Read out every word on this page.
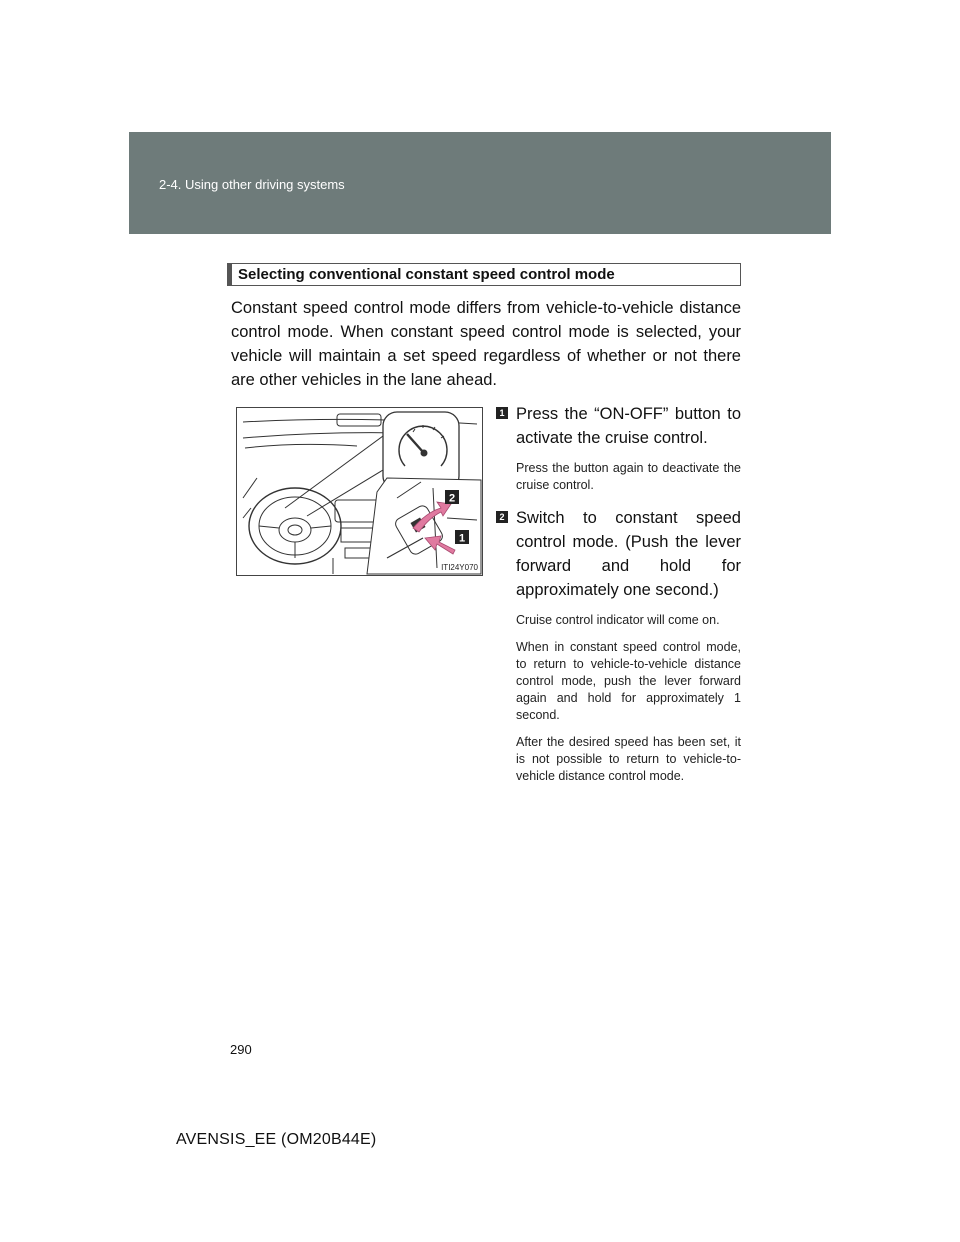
2-4. Using other driving systems
Selecting conventional constant speed control mode

Constant speed control mode differs from vehicle-to-vehicle distance control mode. When constant speed control mode is selected, your vehicle will maintain a set speed regardless of whether or not there are other vehicles in the lane ahead.

2
1
ITI24Y070
1 Press the “ON-OFF” button to activate the cruise control.

Press the button again to deactivate the cruise control.

2 Switch to constant speed control mode. (Push the lever forward and hold for approximately one second.)

Cruise control indicator will come on.

When in constant speed control mode, to return to vehicle-to-vehicle distance control mode, push the lever forward again and hold for approximately 1 second.

After the desired speed has been set, it is not possible to return to vehicle-to-vehicle distance control mode.

290
AVENSIS_EE (OM20B44E)
